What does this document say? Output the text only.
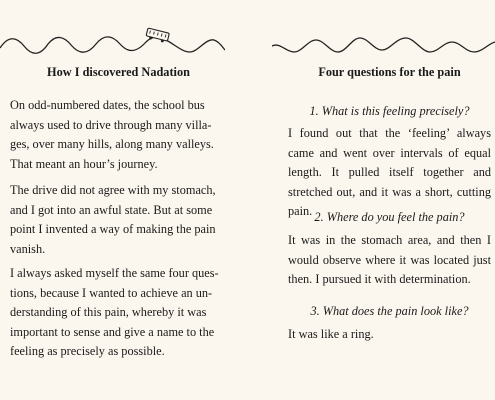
How I discovered Nadation

On odd-numbered dates, the school bus
always used to drive through many villa-
ges, over many hills, along many valleys.
That meant an hour’s journey.

The drive did not agree with my stomach,
and I got into an awful state. But at some
point I invented a way of making the pain
vanish.

I always asked myself the same four ques-
tions, because I wanted to achieve an un-
derstanding of this pain, whereby it was
important to sense and give a name to the
feeling as precisely as possible.

Four questions for the pain

1. What is this feeling precisely?

I found out that the ‘feeling’ always came and went over intervals of equal length. It pulled itself together and stretched out, and it was a short, cutting pain. 2. Where do you feel the pain?

It was in the stomach area, and then I would observe where it was located just then. I pursued it with determination.

3. What does the pain look like?

It was like a ring.
